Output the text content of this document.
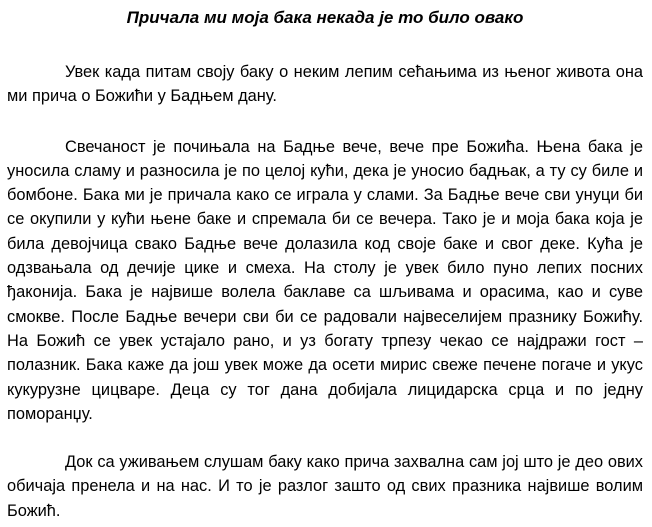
Причала ми моја бака некада је то било овако

Увек када питам своју баку о неким лепим сећањима из њеног живота она ми прича о Божићи у Бадњем дану.

Свечаност је почињала на Бадње вече, вече пре Божића. Њена бака је уносила сламу и разносила је по целој кући, дека је уносио бадњак, а ту су биле и бомбоне. Бака ми је причала како се играла у слами. За Бадње вече сви унуци би се окупили у кући њене баке и спремала би се вечера. Тако је и моја бака која је била девојчица свако Бадње вече долазила код своје баке и свог деке. Кућа је одзвањала од дечије цике и смеха. На столу је увек било пуно лепих посних ђаконија. Бака је највише волела баклаве са шљивама и орасима, као и суве смокве. После Бадње вечери сви би се радовали највеселијем празнику Божићу. На Божић се увек устајало рано, и уз богату трпезу чекао се најдражи гост – полазник. Бака каже да још увек може да осети мирис свеже печене погаче и укус кукурузне цицваре. Деца су тог дана добијала лицидарска срца и по једну поморанџу.

Док са уживањем слушам баку како прича захвална сам јој што је део ових обичаја пренела и на нас. И то је разлог зашто од свих празника највише волим Божић.
